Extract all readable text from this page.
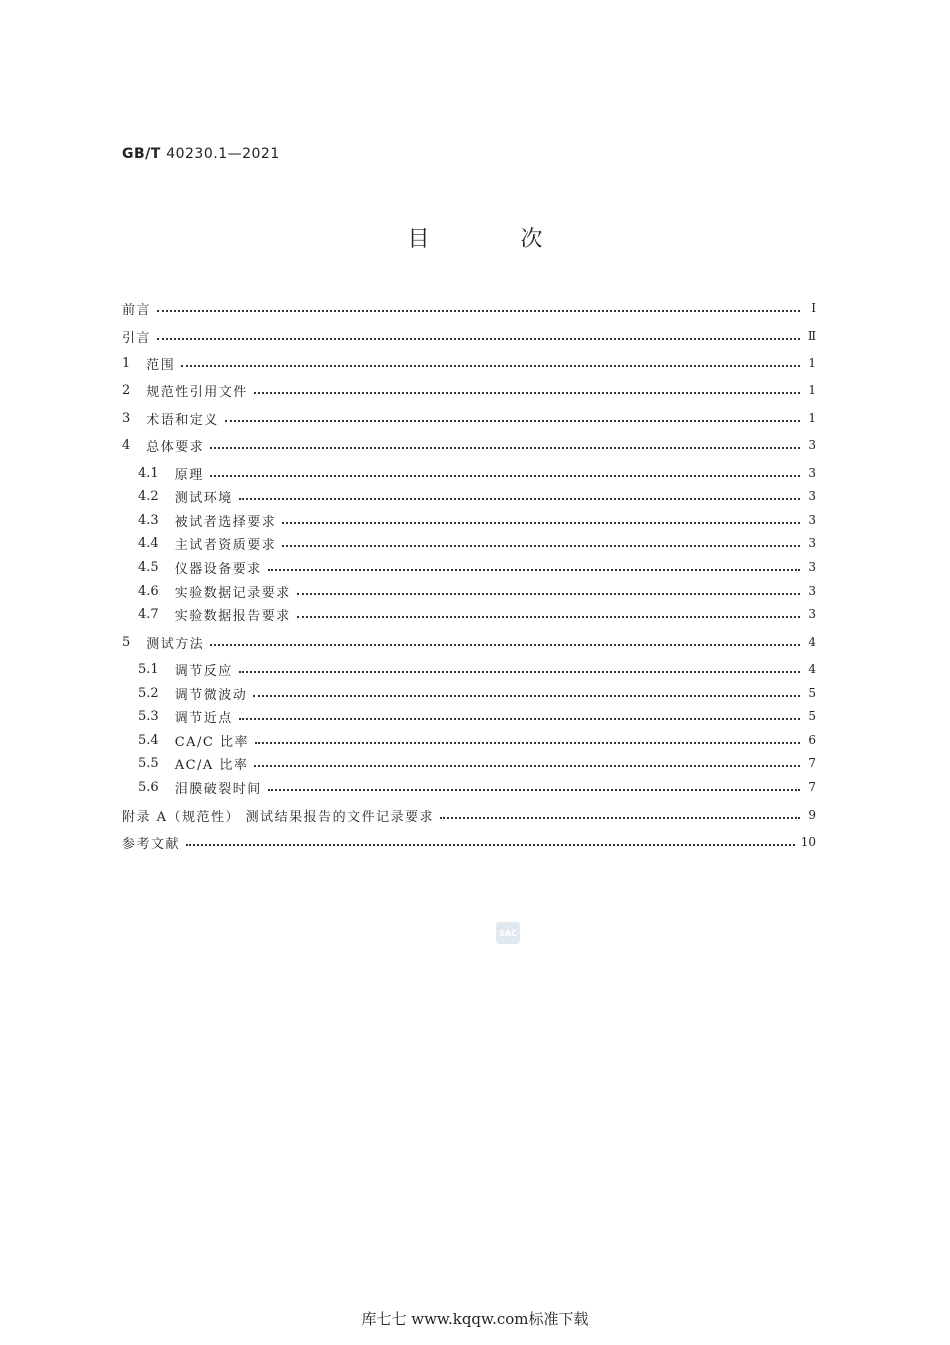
GB/T 40230.1—2021
目 次
前言	Ⅰ
引言	Ⅱ
1 范围	1
2 规范性引用文件	1
3 术语和定义	1
4 总体要求	3
4.1 原理	3
4.2 测试环境	3
4.3 被试者选择要求	3
4.4 主试者资质要求	3
4.5 仪器设备要求	3
4.6 实验数据记录要求	3
4.7 实验数据报告要求	3
5 测试方法	4
5.1 调节反应	4
5.2 调节微波动	5
5.3 调节近点	5
5.4 CA/C 比率	6
5.5 AC/A 比率	7
5.6 泪膜破裂时间	7
附录 A（规范性） 测试结果报告的文件记录要求	9
参考文献	10
SAC
库七七 www.kqqw.com标准下载
